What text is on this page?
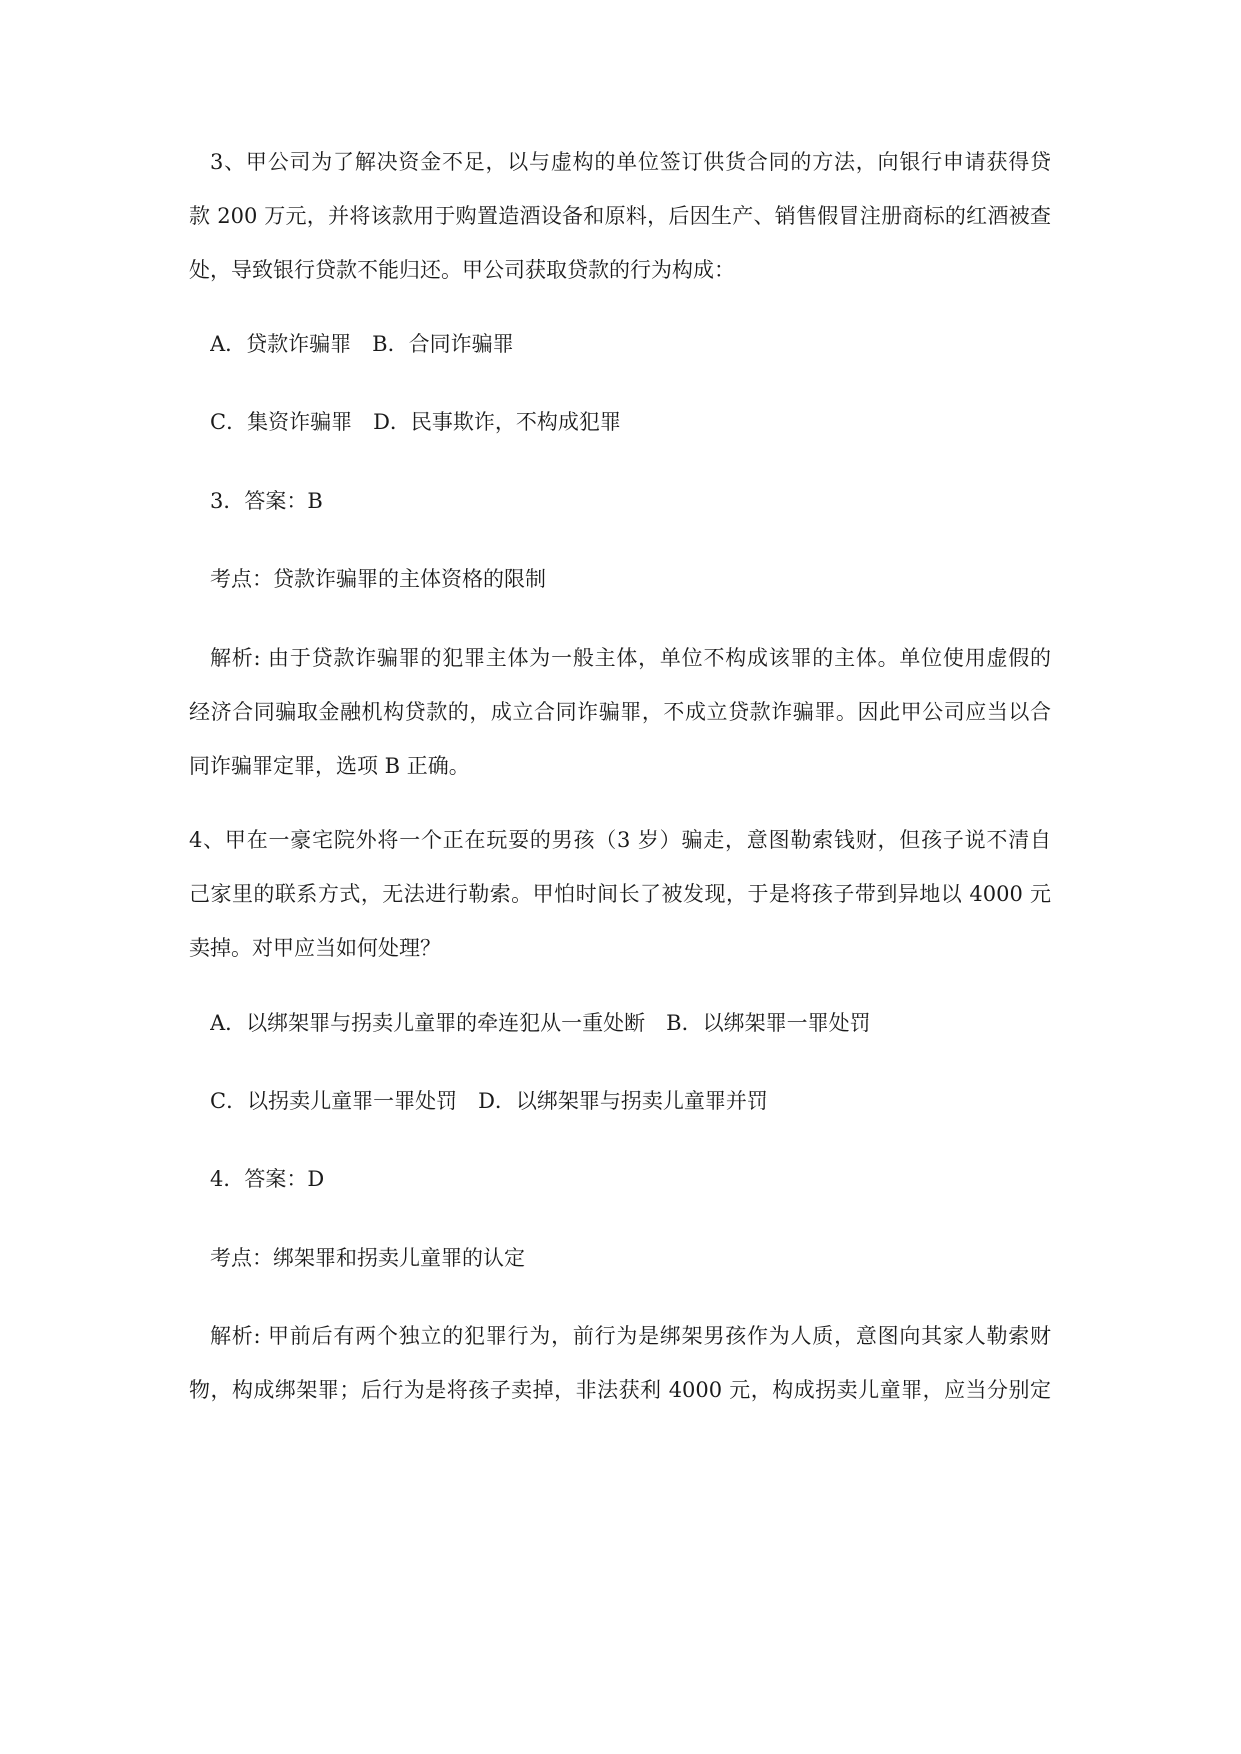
3、甲公司为了解决资金不足，以与虚构的单位签订供货合同的方法，向银行申请获得贷
款 200 万元，并将该款用于购置造酒设备和原料，后因生产、销售假冒注册商标的红酒被查
处，导致银行贷款不能归还。甲公司获取贷款的行为构成：
A．贷款诈骗罪　B．合同诈骗罪
C．集资诈骗罪　D．民事欺诈，不构成犯罪
3．答案：B
考点：贷款诈骗罪的主体资格的限制
解析: 由于贷款诈骗罪的犯罪主体为一般主体，单位不构成该罪的主体。单位使用虚假的
经济合同骗取金融机构贷款的，成立合同诈骗罪，不成立贷款诈骗罪。因此甲公司应当以合
同诈骗罪定罪，选项 B 正确。
4、甲在一豪宅院外将一个正在玩耍的男孩（3 岁）骗走，意图勒索钱财，但孩子说不清自
己家里的联系方式，无法进行勒索。甲怕时间长了被发现，于是将孩子带到异地以 4000 元
卖掉。对甲应当如何处理？
A．以绑架罪与拐卖儿童罪的牵连犯从一重处断　B．以绑架罪一罪处罚
C．以拐卖儿童罪一罪处罚　D．以绑架罪与拐卖儿童罪并罚
4．答案：D
考点：绑架罪和拐卖儿童罪的认定
解析: 甲前后有两个独立的犯罪行为，前行为是绑架男孩作为人质，意图向其家人勒索财
物，构成绑架罪；后行为是将孩子卖掉，非法获利 4000 元，构成拐卖儿童罪，应当分别定
